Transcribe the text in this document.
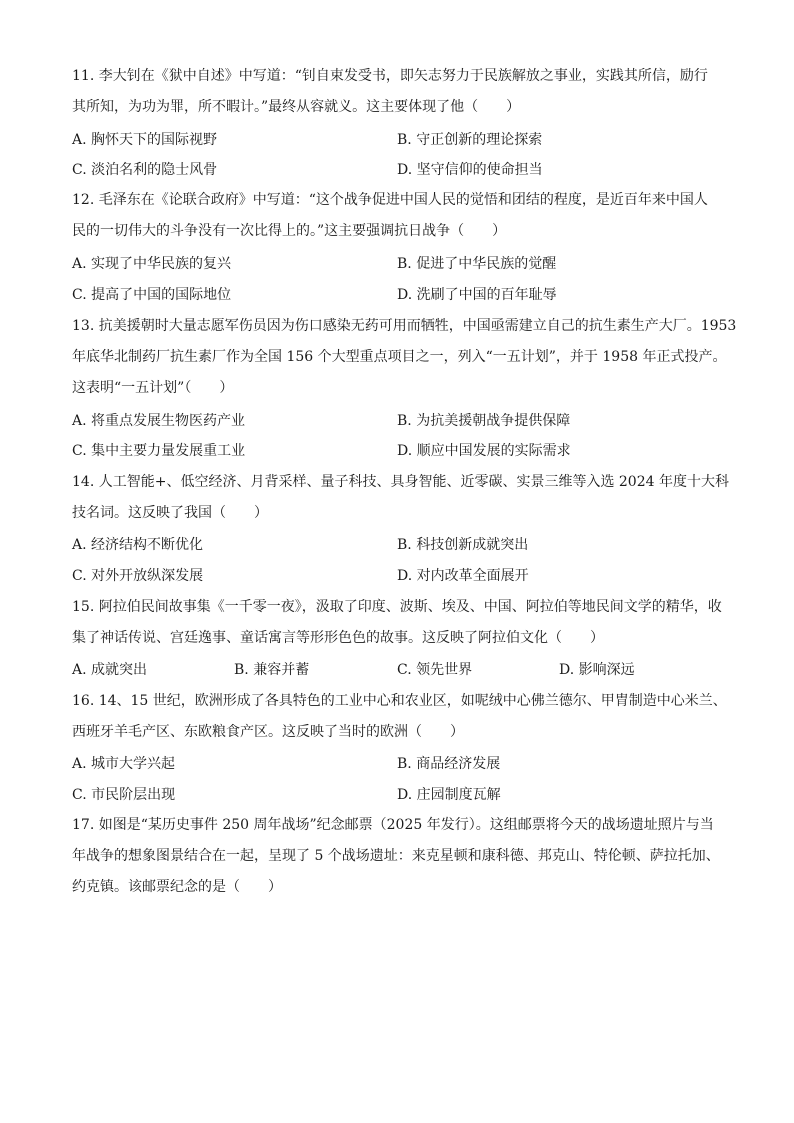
11. 李大钊在《狱中自述》中写道：“钊自束发受书，即矢志努力于民族解放之事业，实践其所信，励行
其所知，为功为罪，所不暇计。”最终从容就义。这主要体现了他（　　）
A. 胸怀天下的国际视野	B. 守正创新的理论探索
C. 淡泊名利的隐士风骨	D. 坚守信仰的使命担当
12. 毛泽东在《论联合政府》中写道：“这个战争促进中国人民的觉悟和团结的程度，是近百年来中国人
民的一切伟大的斗争没有一次比得上的。”这主要强调抗日战争（　　）
A. 实现了中华民族的复兴	B. 促进了中华民族的觉醒
C. 提高了中国的国际地位	D. 洗刷了中国的百年耻辱
13. 抗美援朝时大量志愿军伤员因为伤口感染无药可用而牺牲，中国亟需建立自己的抗生素生产大厂。1953
年底华北制药厂抗生素厂作为全国 156 个大型重点项目之一，列入“一五计划”，并于 1958 年正式投产。
这表明“一五计划”（　　）
A. 将重点发展生物医药产业	B. 为抗美援朝战争提供保障
C. 集中主要力量发展重工业	D. 顺应中国发展的实际需求
14. 人工智能+、低空经济、月背采样、量子科技、具身智能、近零碳、实景三维等入选 2024 年度十大科
技名词。这反映了我国（　　）
A. 经济结构不断优化	B. 科技创新成就突出
C. 对外开放纵深发展	D. 对内改革全面展开
15. 阿拉伯民间故事集《一千零一夜》，汲取了印度、波斯、埃及、中国、阿拉伯等地民间文学的精华，收
集了神话传说、宫廷逸事、童话寓言等形形色色的故事。这反映了阿拉伯文化（　　）
A. 成就突出	B. 兼容并蓄	C. 领先世界	D. 影响深远
16. 14、15 世纪，欧洲形成了各具特色的工业中心和农业区，如呢绒中心佛兰德尔、甲胄制造中心米兰、
西班牙羊毛产区、东欧粮食产区。这反映了当时的欧洲（　　）
A. 城市大学兴起	B. 商品经济发展
C. 市民阶层出现	D. 庄园制度瓦解
17. 如图是“某历史事件 250 周年战场”纪念邮票（2025 年发行）。这组邮票将今天的战场遗址照片与当
年战争的想象图景结合在一起，呈现了 5 个战场遗址：来克星顿和康科德、邦克山、特伦顿、萨拉托加、
约克镇。该邮票纪念的是（　　）
